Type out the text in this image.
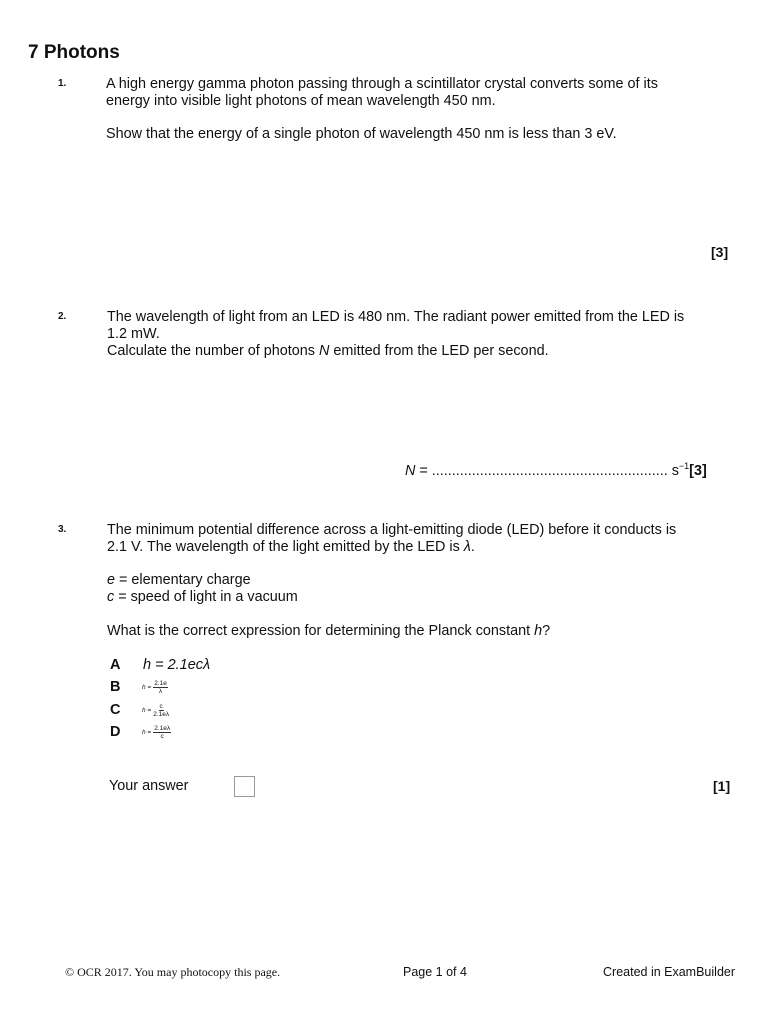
7 Photons
1.	A high energy gamma photon passing through a scintillator crystal converts some of its
energy into visible light photons of mean wavelength 450 nm.
Show that the energy of a single photon of wavelength 450 nm is less than 3 eV.
[3]
2.	The wavelength of light from an LED is 480 nm. The radiant power emitted from the LED is
1.2 mW.
Calculate the number of photons N emitted from the LED per second.
N = ........................................................... $s^{-1}[3]$
3.	The minimum potential difference across a light-emitting diode (LED) before it conducts is
2.1 V. The wavelength of the light emitted by the LED is λ.
e = elementary charge
c = speed of light in a vacuum
What is the correct expression for determining the Planck constant h?
A h = 2.1ecλ
B	$h = \frac{2.1e}{\lambda}$
C	$h = \frac{c}{2.1e\lambda}$
D	$h = \frac{2.1e\lambda}{c}$
Your answer	[1]
© OCR 2017. You may photocopy this page.	Page 1 of 4	Created in ExamBuilder
